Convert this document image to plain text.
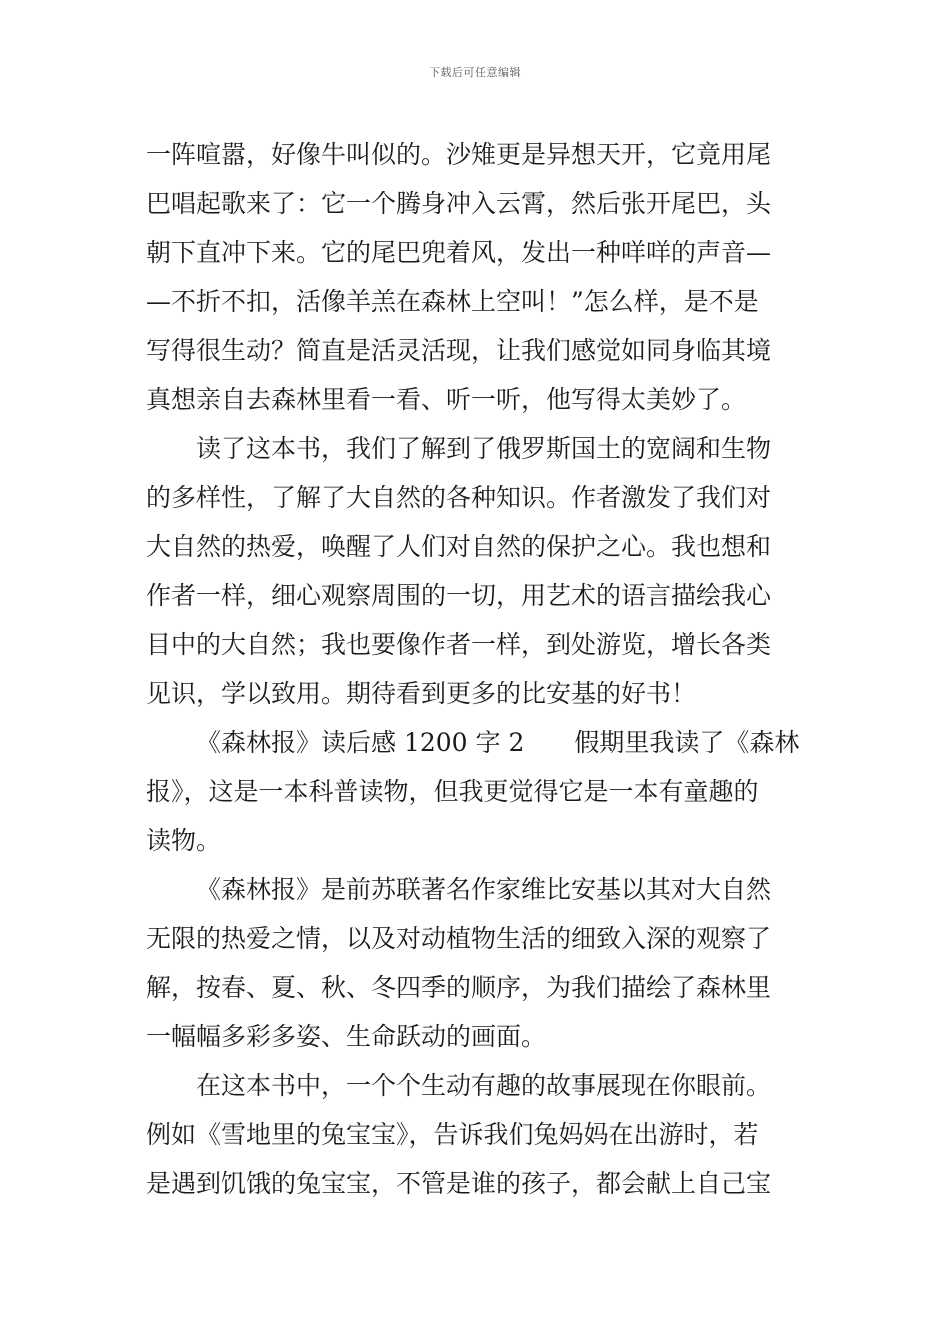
下载后可任意编辑
一阵喧嚣，好像牛叫似的。沙雉更是异想天开，它竟用尾
巴唱起歌来了：它一个腾身冲入云霄，然后张开尾巴，头
朝下直冲下来。它的尾巴兜着风，发出一种咩咩的声音—
—不折不扣，活像羊羔在森林上空叫！”怎么样，是不是
写得很生动？简直是活灵活现，让我们感觉如同身临其境
真想亲自去森林里看一看、听一听，他写得太美妙了。
读了这本书，我们了解到了俄罗斯国土的宽阔和生物
的多样性，了解了大自然的各种知识。作者激发了我们对
大自然的热爱，唤醒了人们对自然的保护之心。我也想和
作者一样，细心观察周围的一切，用艺术的语言描绘我心
目中的大自然；我也要像作者一样，到处游览，增长各类
见识，学以致用。期待看到更多的比安基的好书！
《森林报》读后感 1200 字 2　　假期里我读了《森林
报》，这是一本科普读物，但我更觉得它是一本有童趣的
读物。
《森林报》是前苏联著名作家维比安基以其对大自然
无限的热爱之情，以及对动植物生活的细致入深的观察了
解，按春、夏、秋、冬四季的顺序，为我们描绘了森林里
一幅幅多彩多姿、生命跃动的画面。
在这本书中，一个个生动有趣的故事展现在你眼前。
例如《雪地里的兔宝宝》，告诉我们兔妈妈在出游时，若
是遇到饥饿的兔宝宝，不管是谁的孩子，都会献上自己宝
